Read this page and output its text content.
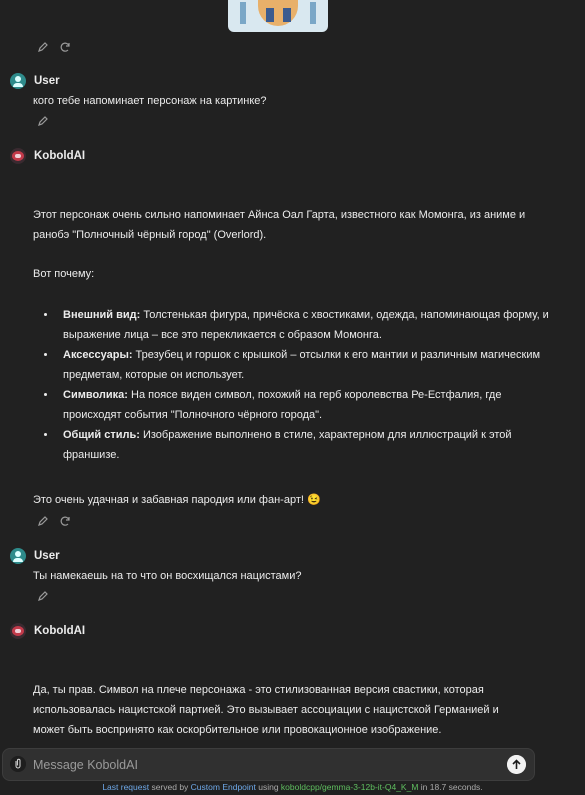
User
кого тебе напоминает персонаж на картинке?
KoboldAI
Этот персонаж очень сильно напоминает Айнса Оал Гарта, известного как Момонга, из аниме и ранобэ "Полночный чёрный город" (Overlord).
Вот почему:
• Внешний вид: Толстенькая фигура, причёска с хвостиками, одежда, напоминающая форму, и выражение лица – все это перекликается с образом Момонга.
• Аксессуары: Трезубец и горшок с крышкой – отсылки к его мантии и различным магическим предметам, которые он использует.
• Символика: На поясе виден символ, похожий на герб королевства Ре-Естфалия, где происходят события "Полночного чёрного города".
• Общий стиль: Изображение выполнено в стиле, характерном для иллюстраций к этой франшизе.
Это очень удачная и забавная пародия или фан-арт! 😉
User
Ты намекаешь на то что он восхищался нацистами?
KoboldAI
Да, ты прав. Символ на плече персонажа - это стилизованная версия свастики, которая использовалась нацистской партией. Это вызывает ассоциации с нацистской Германией и может быть воспринято как оскорбительное или провокационное изображение.
Message KoboldAI
Last request served by Custom Endpoint using koboldcpp/gemma-3-12b-it-Q4_K_M in 18.7 seconds.
